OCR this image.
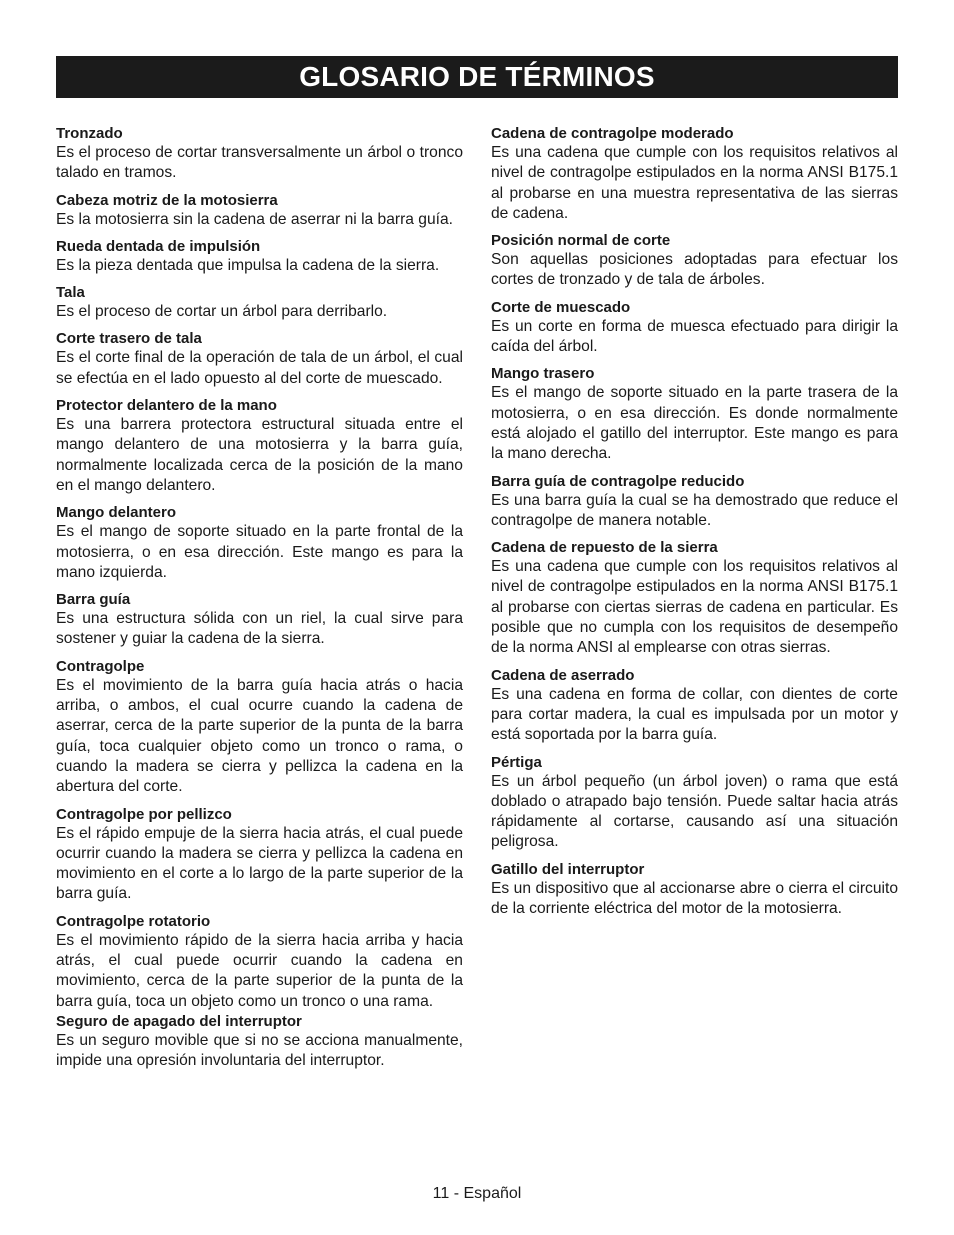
GLOSARIO DE TÉRMINOS

Tronzado

Es el proceso de cortar transversalmente un árbol o tronco talado en tramos.

Cabeza motriz de la motosierra

Es la motosierra sin la cadena de aserrar ni la barra guía.

Rueda dentada de impulsión

Es la pieza dentada que impulsa la cadena de la sierra.

Tala

Es el proceso de cortar un árbol para derribarlo.

Corte trasero de tala

Es el corte final de la operación de tala de un árbol, el cual se efectúa en el lado opuesto al del corte de muescado.

Protector delantero de la mano

Es una barrera protectora estructural situada entre el mango delantero de una motosierra y la barra guía, normalmente localizada cerca de la posición de la mano en el mango delantero.

Mango delantero

Es el mango de soporte situado en la parte frontal de la motosierra, o en esa dirección. Este mango es para la mano izquierda.

Barra guía

Es una estructura sólida con un riel, la cual sirve para sostener y guiar la cadena de la sierra.

Contragolpe

Es el movimiento de la barra guía hacia atrás o hacia arriba, o ambos, el cual ocurre cuando la cadena de aserrar, cerca de la parte superior de la punta de la barra guía, toca cualquier objeto como un tronco o rama, o cuando la madera se cierra y pellizca la cadena en la abertura del corte.

Contragolpe por pellizco

Es el rápido empuje de la sierra hacia atrás, el cual puede ocurrir cuando la madera se cierra y pellizca la cadena en movimiento en el corte a lo largo de la parte superior de la barra guía.

Contragolpe rotatorio

Es el movimiento rápido de la sierra hacia arriba y hacia atrás, el cual puede ocurrir cuando la cadena en movimiento, cerca de la parte superior de la punta de la barra guía, toca un objeto como un tronco o una rama.

Seguro de apagado del interruptor

Es un seguro movible que si no se acciona manualmente, impide una opresión involuntaria del interruptor.

Cadena de contragolpe moderado

Es una cadena que cumple con los requisitos relativos al nivel de contragolpe estipulados en la norma ANSI B175.1 al probarse en una muestra representativa de las sierras de cadena.

Posición normal de corte

Son aquellas posiciones adoptadas para efectuar los cortes de tronzado y de tala de árboles.

Corte de muescado

Es un corte en forma de muesca efectuado para dirigir la caída del árbol.

Mango trasero

Es el mango de soporte situado en la parte trasera de la motosierra, o en esa dirección. Es donde normalmente está alojado el gatillo del interruptor. Este mango es para la mano derecha.

Barra guía de contragolpe reducido

Es una barra guía la cual se ha demostrado que reduce el contragolpe de manera notable.

Cadena de repuesto de la sierra

Es una cadena que cumple con los requisitos relativos al nivel de contragolpe estipulados en la norma ANSI B175.1 al probarse con ciertas sierras de cadena en particular. Es posible que no cumpla con los requisitos de desempeño de la norma ANSI al emplearse con otras sierras.

Cadena de aserrado

Es una cadena en forma de collar, con dientes de corte para cortar madera, la cual es impulsada por un motor y está soportada por la barra guía.

Pértiga

Es un árbol pequeño (un árbol joven) o rama que está doblado o atrapado bajo tensión. Puede saltar hacia atrás rápidamente al cortarse, causando así una situación peligrosa.

Gatillo del interruptor

Es un dispositivo que al accionarse abre o cierra el circuito de la corriente eléctrica del motor de la motosierra.

11 - Español
